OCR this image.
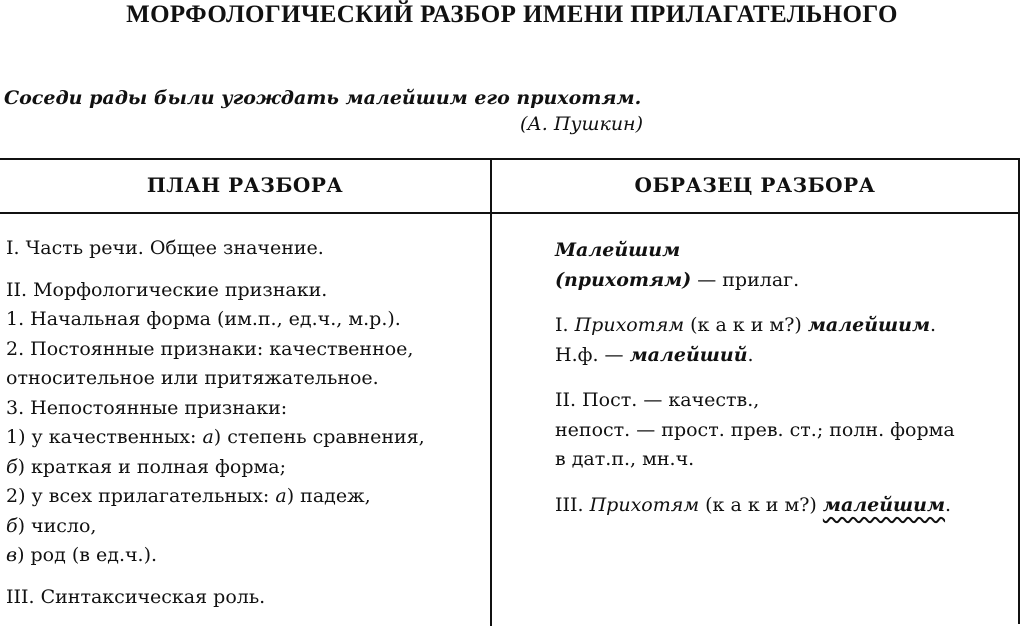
МОРФОЛОГИЧЕСКИЙ РАЗБОР ИМЕНИ ПРИЛАГАТЕЛЬНОГО
Соседи рады были угождать малейшим его прихотям.
(А. Пушкин)
ПЛАН РАЗБОРА	ОБРАЗЕЦ РАЗБОРА
I. Часть речи. Общее значение.
II. Морфологические признаки.
1. Начальная форма (им.п., ед.ч., м.р.).
2. Постоянные признаки: качественное,
относительное или притяжательное.
3. Непостоянные признаки:
1) у качественных: а) степень сравнения,
б) краткая и полная форма;
2) у всех прилагательных: а) падеж,
б) число,
в) род (в ед.ч.).
III. Синтаксическая роль.
Малейшим
(прихотям) — прилаг.
I. Прихотям (к а к и м?) малейшим.
Н.ф. — малейший.
II. Пост. — качеств.,
непост. — прост. прев. ст.; полн. форма
в дат.п., мн.ч.
III. Прихотям (к а к и м?) малейшим.
